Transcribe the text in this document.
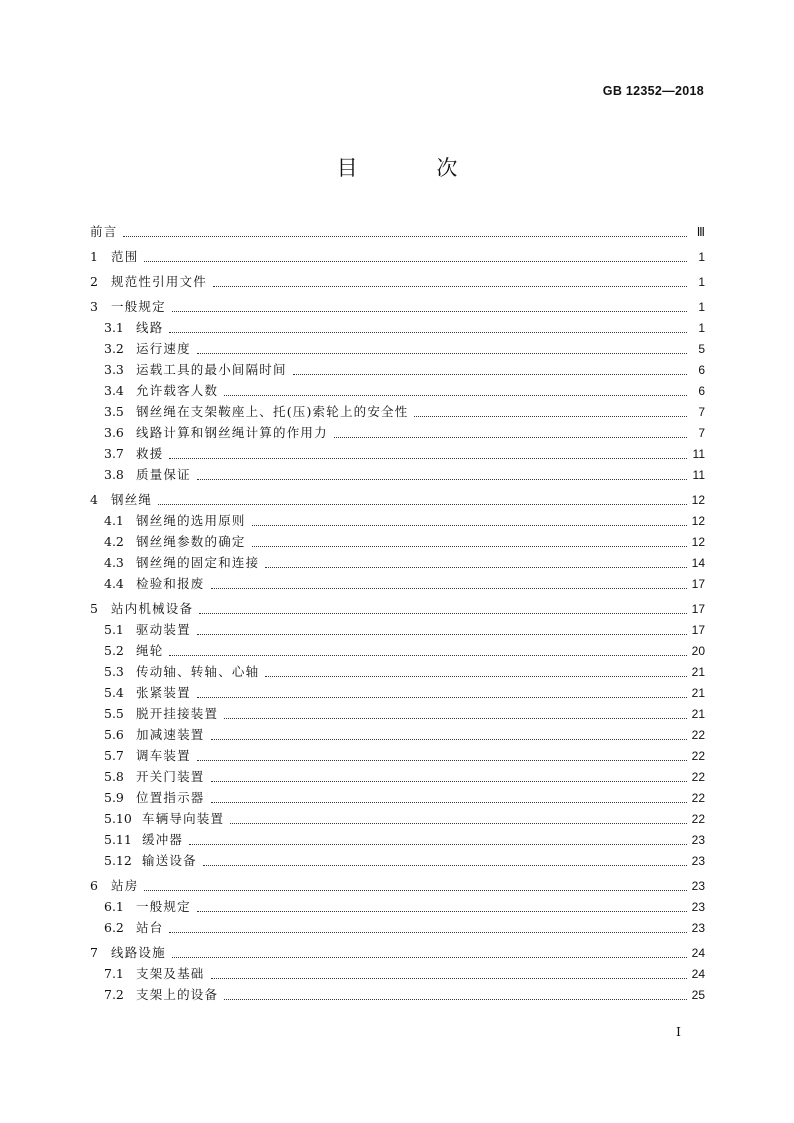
GB 12352—2018
目 次
前言	Ⅲ
1	范围	1
2	规范性引用文件	1
3	一般规定	1
3.1 线路	1
3.2 运行速度	5
3.3 运载工具的最小间隔时间	6
3.4 允许载客人数	6
3.5 钢丝绳在支架鞍座上、托(压)索轮上的安全性	7
3.6 线路计算和钢丝绳计算的作用力	7
3.7 救援	11
3.8 质量保证	11
4	钢丝绳	12
4.1 钢丝绳的选用原则	12
4.2 钢丝绳参数的确定	12
4.3 钢丝绳的固定和连接	14
4.4 检验和报废	17
5	站内机械设备	17
5.1 驱动装置	17
5.2 绳轮	20
5.3 传动轴、转轴、心轴	21
5.4 张紧装置	21
5.5 脱开挂接装置	21
5.6 加减速装置	22
5.7 调车装置	22
5.8 开关门装置	22
5.9 位置指示器	22
5.10 车辆导向装置	22
5.11 缓冲器	23
5.12 输送设备	23
6	站房	23
6.1 一般规定	23
6.2 站台	23
7	线路设施	24
7.1 支架及基础	24
7.2 支架上的设备	25
I
